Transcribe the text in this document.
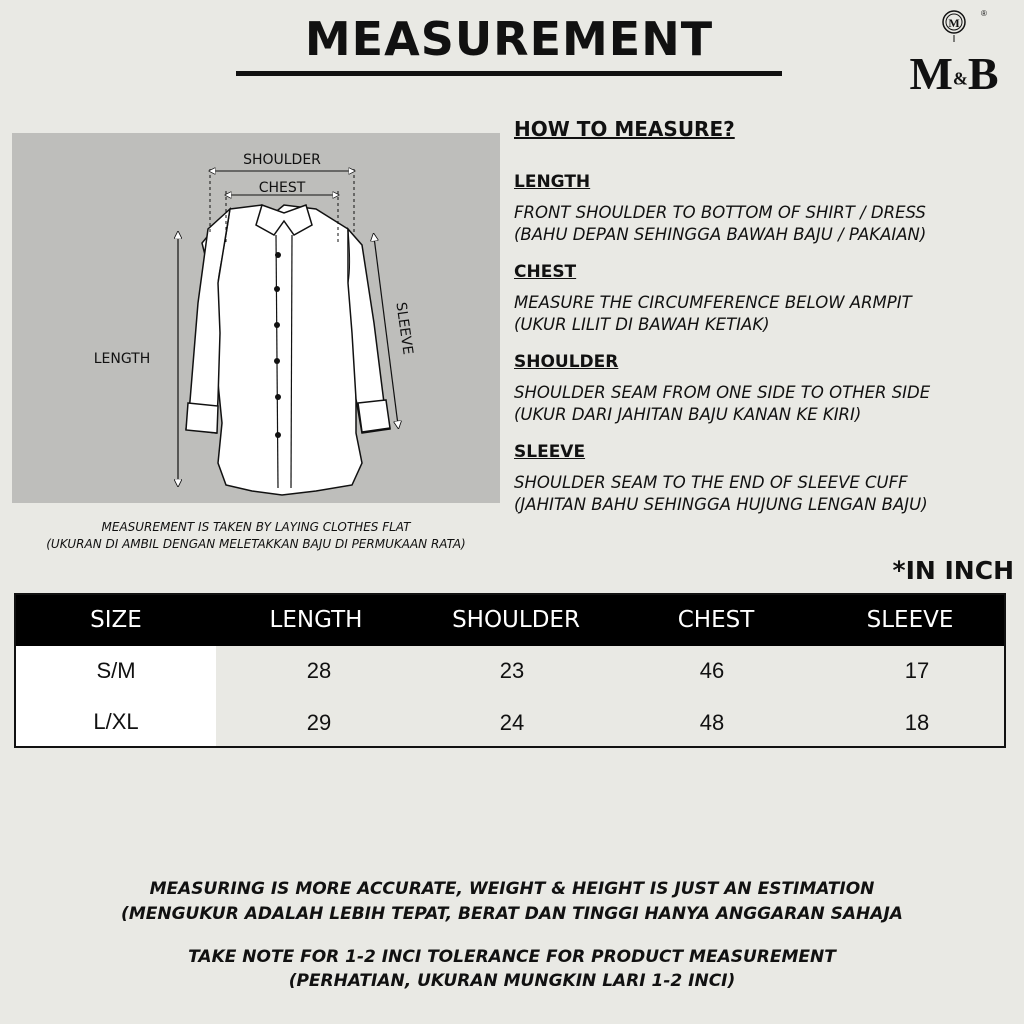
MEASUREMENT	M
®
M&B
SHOULDER
CHEST
LENGTH
SLEEVE
MEASUREMENT IS TAKEN BY LAYING CLOTHES FLAT
(UKURAN DI AMBIL DENGAN MELETAKKAN BAJU DI PERMUKAAN RATA)
HOW TO MEASURE?
LENGTH
FRONT SHOULDER TO BOTTOM OF SHIRT / DRESS
(BAHU DEPAN SEHINGGA BAWAH BAJU / PAKAIAN)
CHEST
MEASURE THE CIRCUMFERENCE BELOW ARMPIT
(UKUR LILIT DI BAWAH KETIAK)
SHOULDER
SHOULDER SEAM FROM ONE SIDE TO OTHER SIDE
(UKUR DARI JAHITAN BAJU KANAN KE KIRI)
SLEEVE
SHOULDER SEAM TO THE END OF SLEEVE CUFF
(JAHITAN BAHU SEHINGGA HUJUNG LENGAN BAJU)
*IN INCH
SIZE	LENGTH	SHOULDER	CHEST	SLEEVE
S/M	28	23	46	17
L/XL	29	24	48	18
MEASURING IS MORE ACCURATE, WEIGHT & HEIGHT IS JUST AN ESTIMATION
(MENGUKUR ADALAH LEBIH TEPAT, BERAT DAN TINGGI HANYA ANGGARAN SAHAJA
TAKE NOTE FOR 1-2 INCI TOLERANCE FOR PRODUCT MEASUREMENT
(PERHATIAN, UKURAN MUNGKIN LARI 1-2 INCI)
